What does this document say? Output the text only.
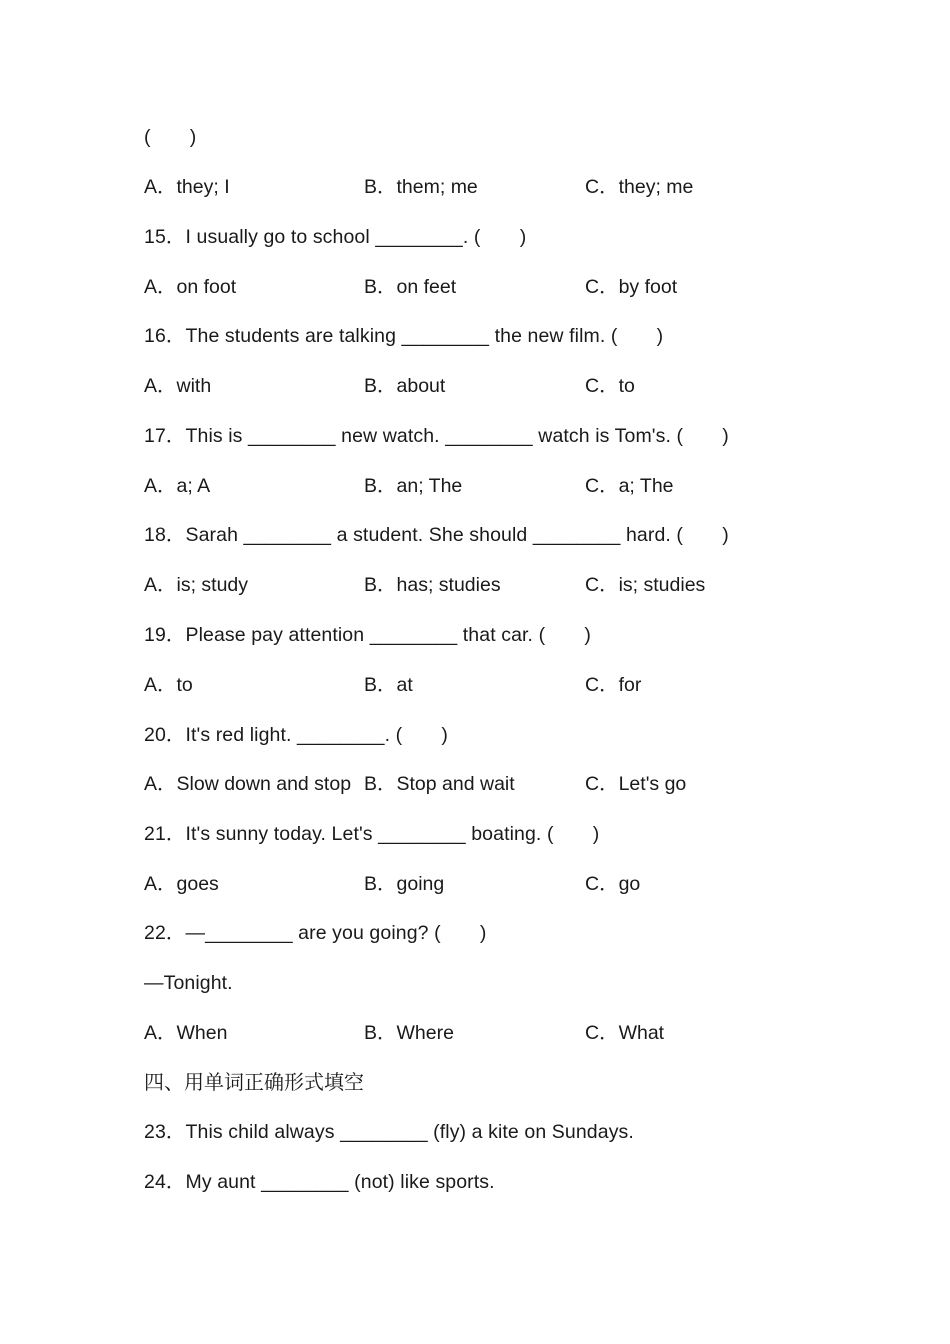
(　　)
A．they; I	B．them; me	C．they; me
15．I usually go to school ________. (　　)
A．on foot	B．on feet	C．by foot
16．The students are talking ________ the new film. (　　)
A．with	B．about	C．to
17．This is ________ new watch. ________ watch is Tom's. (　　)
A．a; A	B．an; The	C．a; The
18．Sarah ________ a student. She should ________ hard. (　　)
A．is; study	B．has; studies	C．is; studies
19．Please pay attention ________ that car. (　　)
A．to	B．at	C．for
20．It's red light. ________. (　　)
A．Slow down and stop B．Stop and wait	C．Let's go
21．It's sunny today. Let's ________ boating. (　　)
A．goes	B．going	C．go
22．—________ are you going? (　　)
—Tonight.
A．When	B．Where	C．What
四、用单词正确形式填空
23．This child always ________ (fly) a kite on Sundays.
24．My aunt ________ (not) like sports.
